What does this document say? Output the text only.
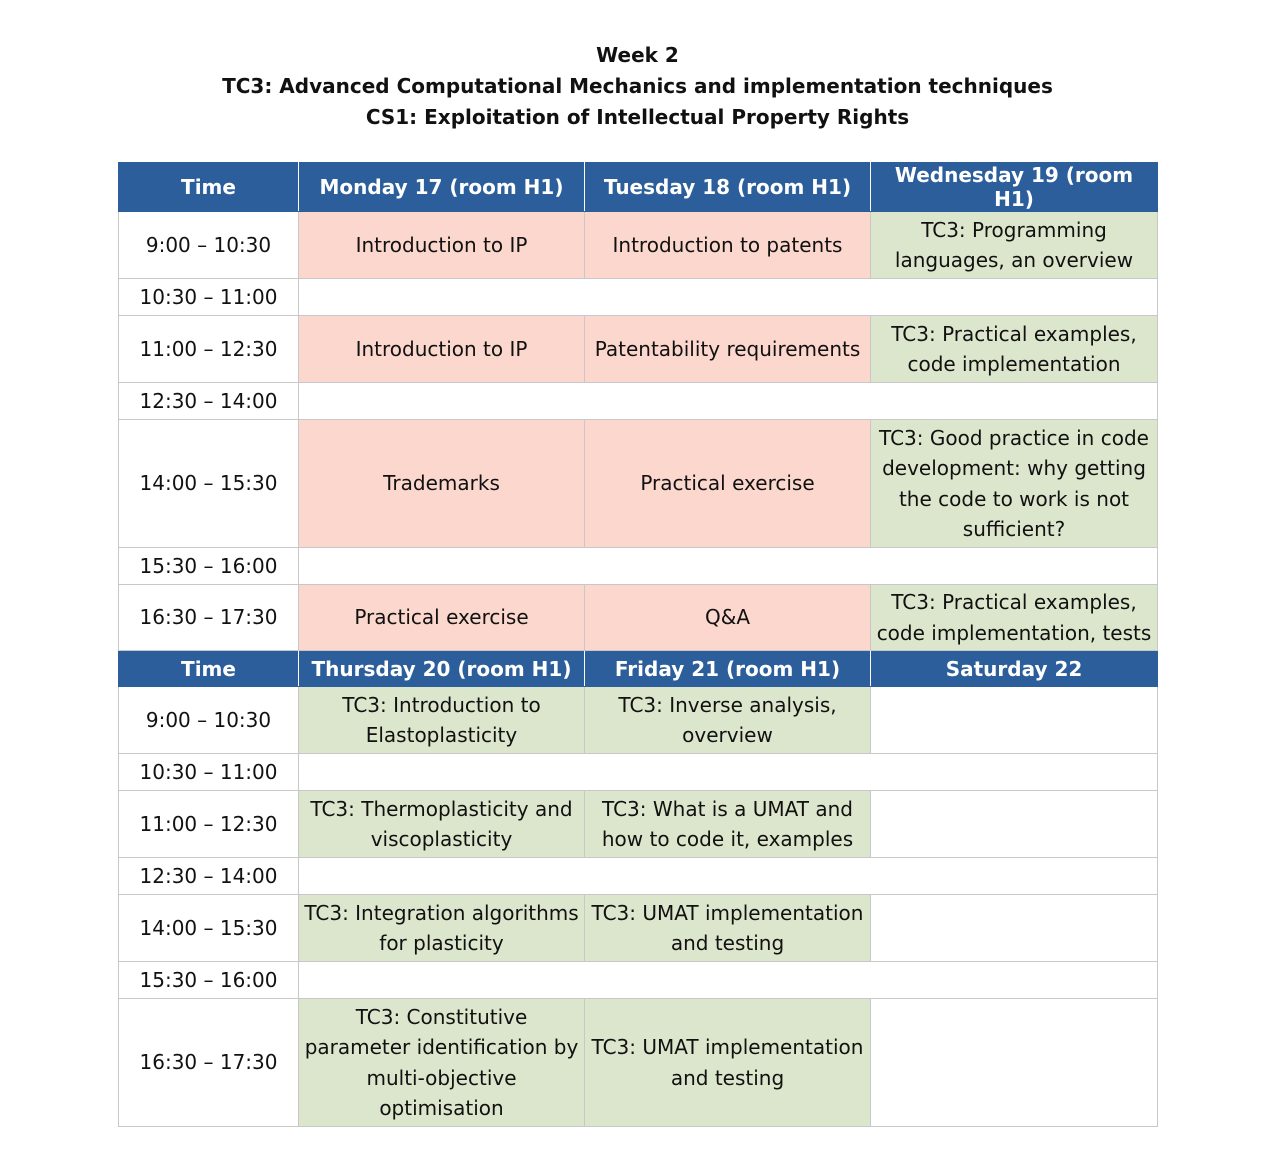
Week 2
TC3: Advanced Computational Mechanics and implementation techniques
CS1: Exploitation of Intellectual Property Rights
Time	Monday 17 (room H1)	Tuesday 18 (room H1)	Wednesday 19 (room H1)
9:00 – 10:30	Introduction to IP	Introduction to patents	TC3: Programming languages, an overview
10:30 – 11:00			
11:00 – 12:30	Introduction to IP	Patentability requirements	TC3: Practical examples, code implementation
12:30 – 14:00			
14:00 – 15:30	Trademarks	Practical exercise	TC3: Good practice in code development: why getting the code to work is not sufficient?
15:30 – 16:00			
16:30 – 17:30	Practical exercise	Q&A	TC3: Practical examples, code implementation, tests
Time	Thursday 20 (room H1)	Friday 21 (room H1)	Saturday 22
9:00 – 10:30	TC3: Introduction to Elastoplasticity	TC3: Inverse analysis, overview	
10:30 – 11:00			
11:00 – 12:30	TC3: Thermoplasticity and viscoplasticity	TC3: What is a UMAT and how to code it, examples	
12:30 – 14:00			
14:00 – 15:30	TC3: Integration algorithms for plasticity	TC3: UMAT implementation and testing	
15:30 – 16:00			
16:30 – 17:30	TC3: Constitutive parameter identification by multi-objective optimisation	TC3: UMAT implementation and testing	
